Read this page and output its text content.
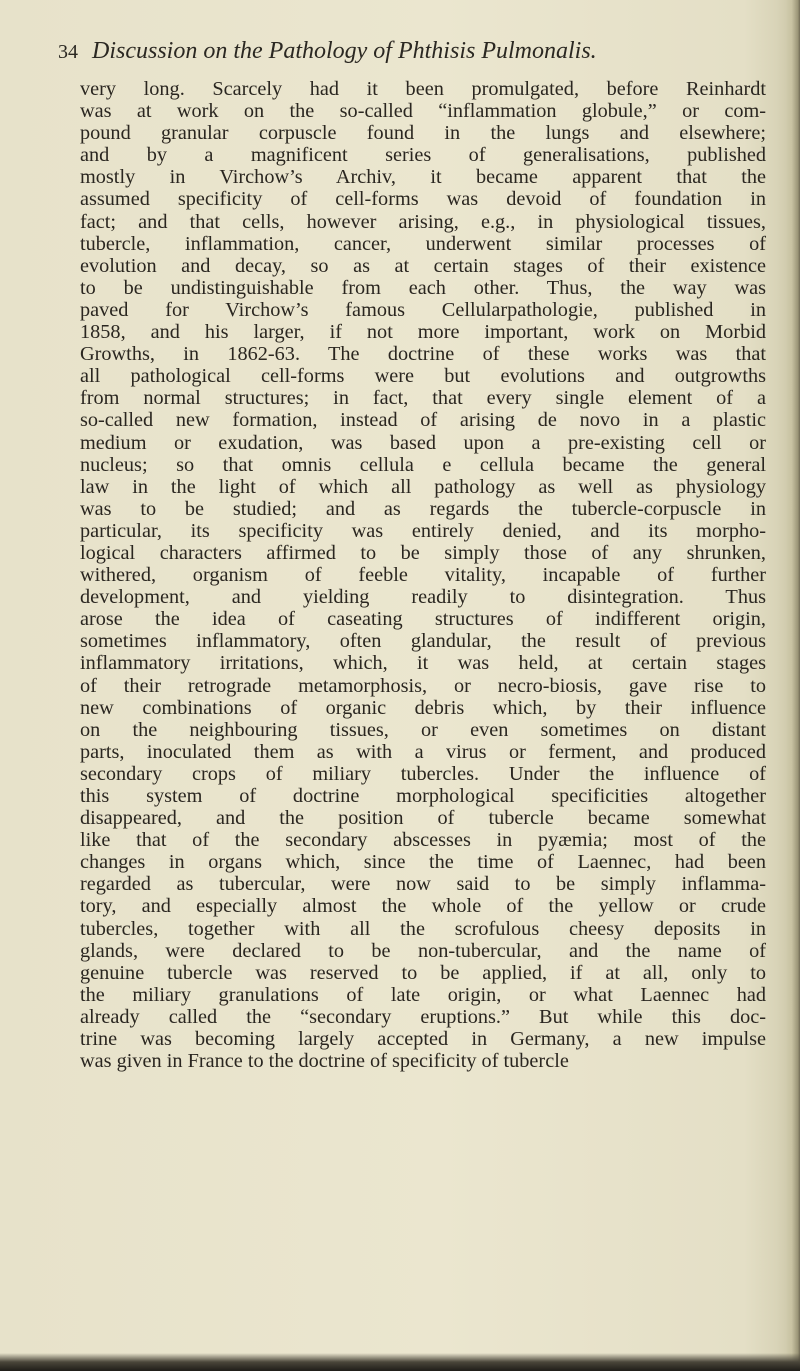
34 Discussion on the Pathology of Phthisis Pulmonalis.
very long. Scarcely had it been promulgated, before Reinhardt
was at work on the so-called “inflammation globule,” or com-
pound granular corpuscle found in the lungs and elsewhere;
and by a magnificent series of generalisations, published
mostly in Virchow’s Archiv, it became apparent that the
assumed specificity of cell-forms was devoid of foundation in
fact; and that cells, however arising, e.g., in physiological tissues,
tubercle, inflammation, cancer, underwent similar processes of
evolution and decay, so as at certain stages of their existence
to be undistinguishable from each other. Thus, the way was
paved for Virchow’s famous Cellularpathologie, published in
1858, and his larger, if not more important, work on Morbid
Growths, in 1862-63. The doctrine of these works was that
all pathological cell-forms were but evolutions and outgrowths
from normal structures; in fact, that every single element of a
so-called new formation, instead of arising de novo in a plastic
medium or exudation, was based upon a pre-existing cell or
nucleus; so that omnis cellula e cellula became the general
law in the light of which all pathology as well as physiology
was to be studied; and as regards the tubercle-corpuscle in
particular, its specificity was entirely denied, and its morpho-
logical characters affirmed to be simply those of any shrunken,
withered, organism of feeble vitality, incapable of further
development, and yielding readily to disintegration. Thus
arose the idea of caseating structures of indifferent origin,
sometimes inflammatory, often glandular, the result of previous
inflammatory irritations, which, it was held, at certain stages
of their retrograde metamorphosis, or necro-biosis, gave rise to
new combinations of organic debris which, by their influence
on the neighbouring tissues, or even sometimes on distant
parts, inoculated them as with a virus or ferment, and produced
secondary crops of miliary tubercles. Under the influence of
this system of doctrine morphological specificities altogether
disappeared, and the position of tubercle became somewhat
like that of the secondary abscesses in pyæmia; most of the
changes in organs which, since the time of Laennec, had been
regarded as tubercular, were now said to be simply inflamma-
tory, and especially almost the whole of the yellow or crude
tubercles, together with all the scrofulous cheesy deposits in
glands, were declared to be non-tubercular, and the name of
genuine tubercle was reserved to be applied, if at all, only to
the miliary granulations of late origin, or what Laennec had
already called the “secondary eruptions.” But while this doc-
trine was becoming largely accepted in Germany, a new impulse
was given in France to the doctrine of specificity of tubercle
